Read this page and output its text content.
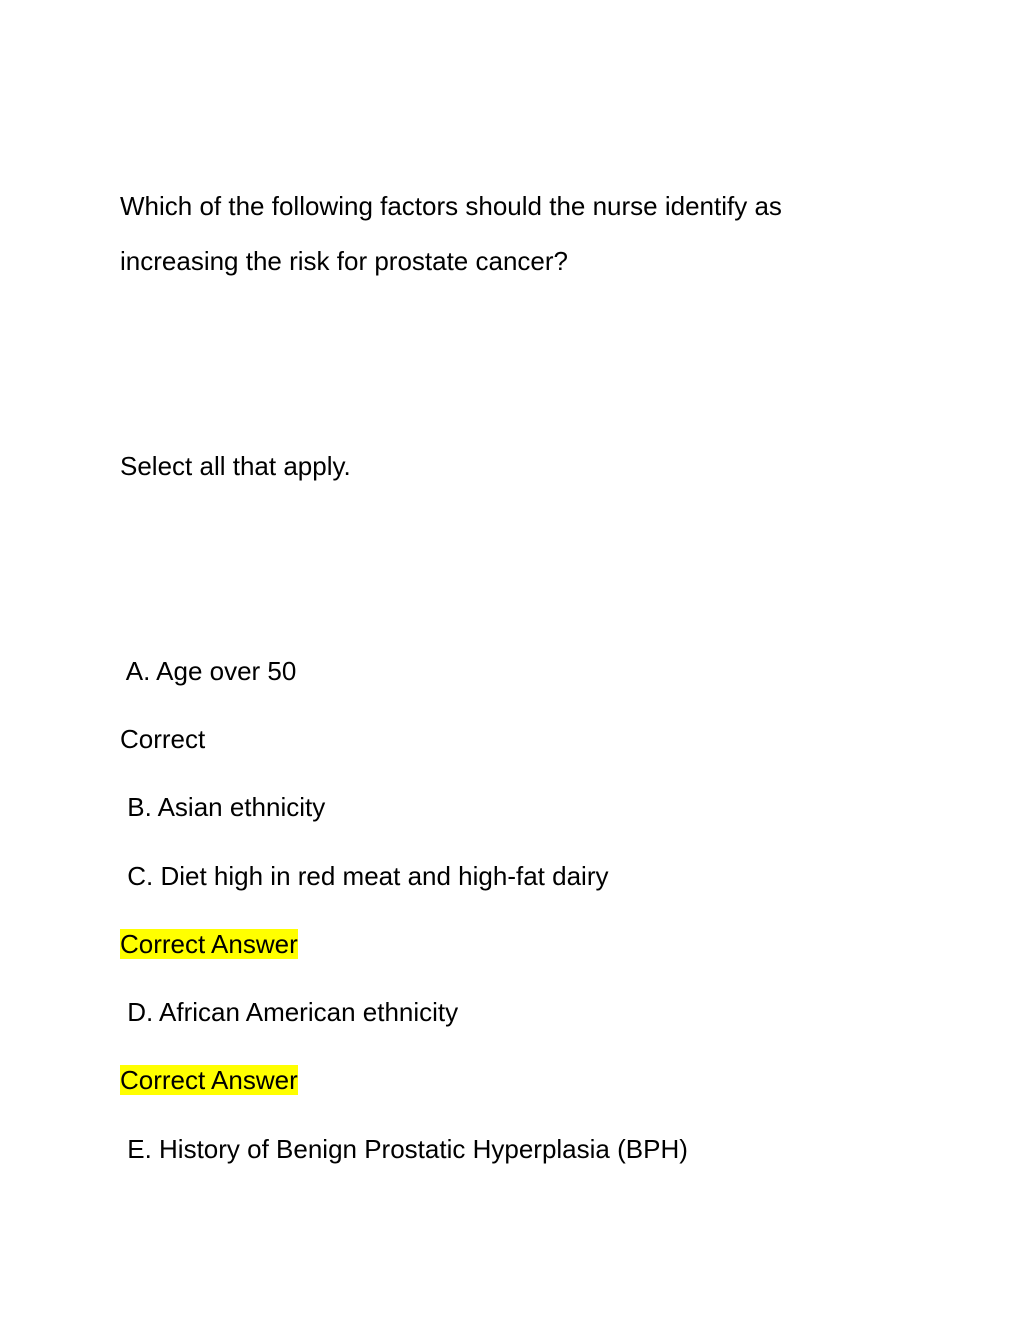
Which of the following factors should the nurse identify as
increasing the risk for prostate cancer?
Select all that apply.
A. Age over 50
Correct
B. Asian ethnicity
C. Diet high in red meat and high-fat dairy
Correct Answer
D. African American ethnicity
Correct Answer
E. History of Benign Prostatic Hyperplasia (BPH)
